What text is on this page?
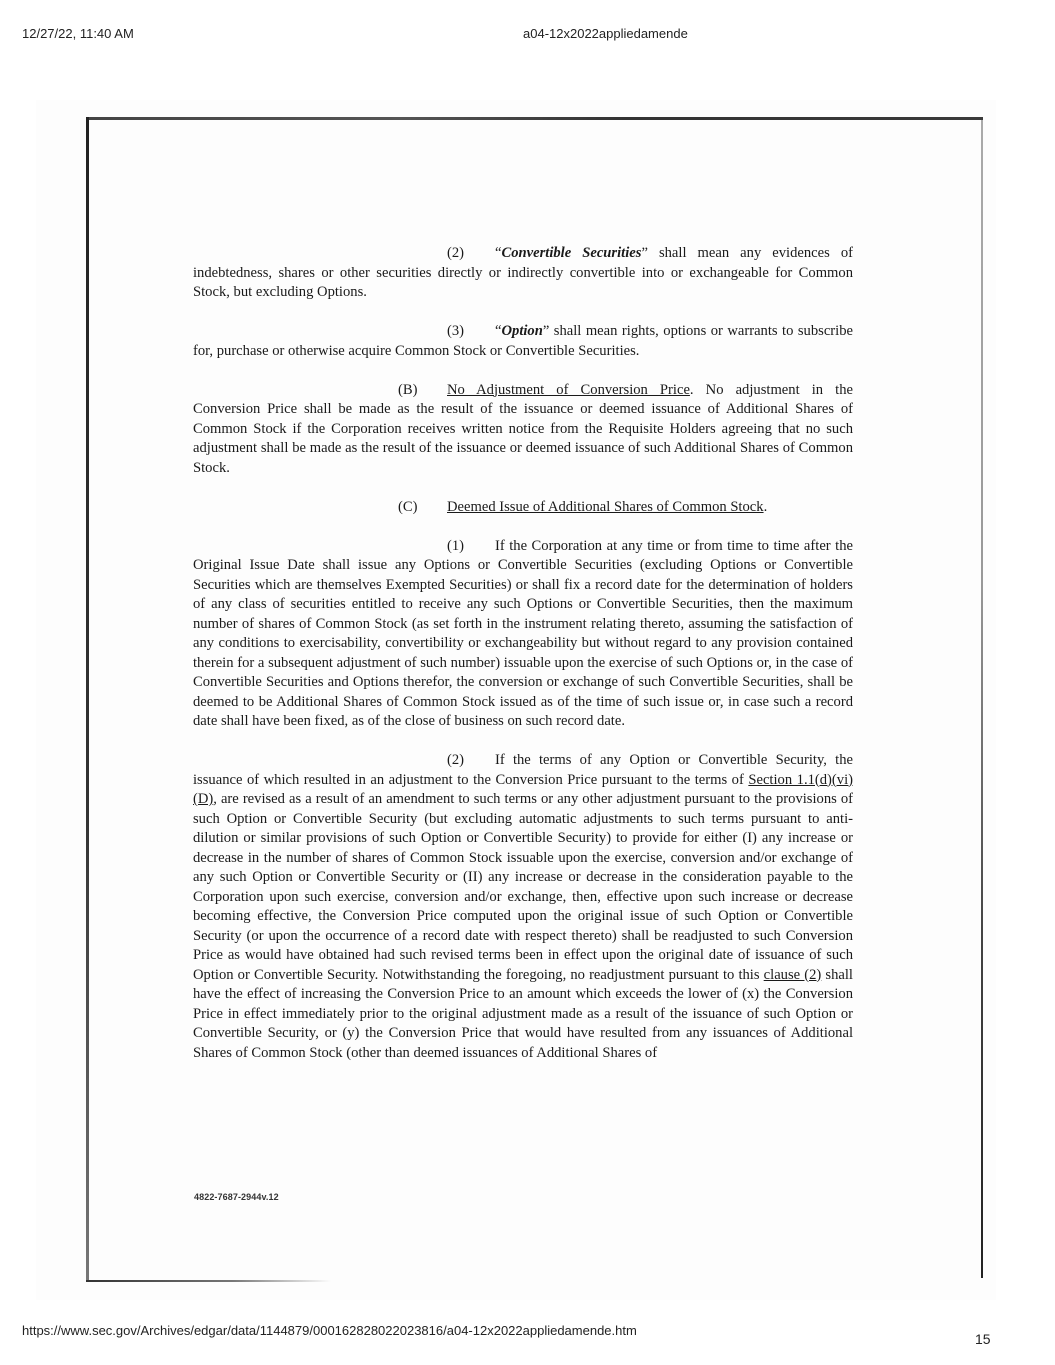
12/27/22, 11:40 AM	a04-12x2022appliedamende

(2) “Convertible Securities” shall mean any evidences of indebtedness, shares or other securities directly or indirectly convertible into or exchangeable for Common Stock, but excluding Options.

(3) “Option” shall mean rights, options or warrants to subscribe for, purchase or otherwise acquire Common Stock or Convertible Securities.

(B) No Adjustment of Conversion Price. No adjustment in the Conversion Price shall be made as the result of the issuance or deemed issuance of Additional Shares of Common Stock if the Corporation receives written notice from the Requisite Holders agreeing that no such adjustment shall be made as the result of the issuance or deemed issuance of such Additional Shares of Common Stock.

(C) Deemed Issue of Additional Shares of Common Stock.

(1) If the Corporation at any time or from time to time after the Original Issue Date shall issue any Options or Convertible Securities (excluding Options or Convertible Securities which are themselves Exempted Securities) or shall fix a record date for the determination of holders of any class of securities entitled to receive any such Options or Convertible Securities, then the maximum number of shares of Common Stock (as set forth in the instrument relating thereto, assuming the satisfaction of any conditions to exercisability, convertibility or exchangeability but without regard to any provision contained therein for a subsequent adjustment of such number) issuable upon the exercise of such Options or, in the case of Convertible Securities and Options therefor, the conversion or exchange of such Convertible Securities, shall be deemed to be Additional Shares of Common Stock issued as of the time of such issue or, in case such a record date shall have been fixed, as of the close of business on such record date.

(2) If the terms of any Option or Convertible Security, the issuance of which resulted in an adjustment to the Conversion Price pursuant to the terms of Section 1.1(d)(vi)(D), are revised as a result of an amendment to such terms or any other adjustment pursuant to the provisions of such Option or Convertible Security (but excluding automatic adjustments to such terms pursuant to anti-dilution or similar provisions of such Option or Convertible Security) to provide for either (I) any increase or decrease in the number of shares of Common Stock issuable upon the exercise, conversion and/or exchange of any such Option or Convertible Security or (II) any increase or decrease in the consideration payable to the Corporation upon such exercise, conversion and/or exchange, then, effective upon such increase or decrease becoming effective, the Conversion Price computed upon the original issue of such Option or Convertible Security (or upon the occurrence of a record date with respect thereto) shall be readjusted to such Conversion Price as would have obtained had such revised terms been in effect upon the original date of issuance of such Option or Convertible Security. Notwithstanding the foregoing, no readjustment pursuant to this clause (2) shall have the effect of increasing the Conversion Price to an amount which exceeds the lower of (x) the Conversion Price in effect immediately prior to the original adjustment made as a result of the issuance of such Option or Convertible Security, or (y) the Conversion Price that would have resulted from any issuances of Additional Shares of Common Stock (other than deemed issuances of Additional Shares of

4822-7687-2944v.12
https://www.sec.gov/Archives/edgar/data/1144879/000162828022023816/a04-12x2022appliedamende.htm
15
